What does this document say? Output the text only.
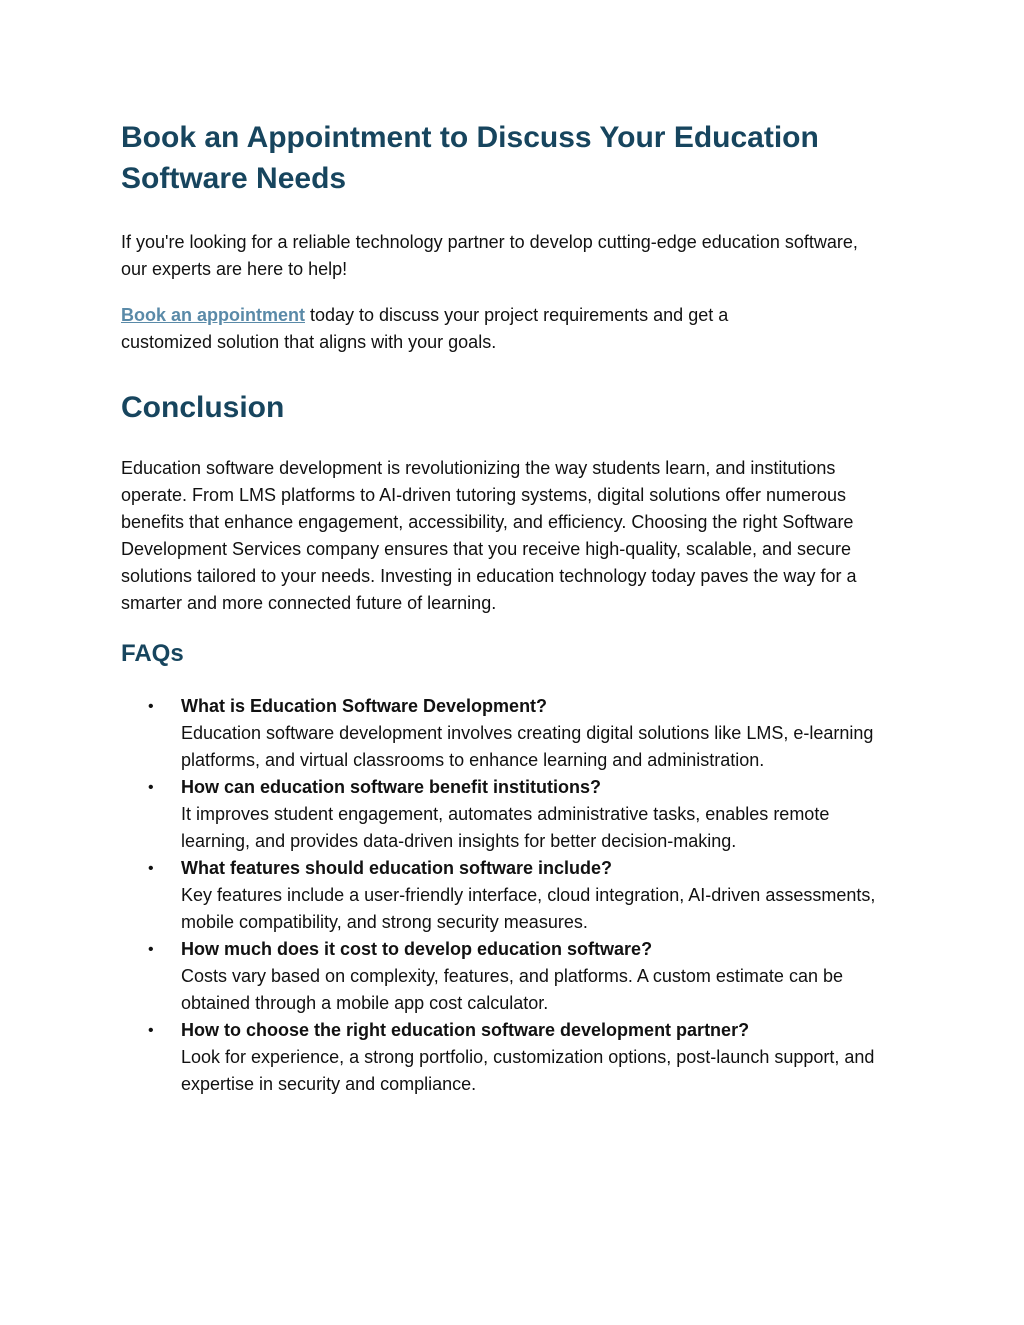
Book an Appointment to Discuss Your Education Software Needs

If you're looking for a reliable technology partner to develop cutting-edge education software, our experts are here to help!

Book an appointment today to discuss your project requirements and get a customized solution that aligns with your goals.

Conclusion

Education software development is revolutionizing the way students learn, and institutions operate. From LMS platforms to AI-driven tutoring systems, digital solutions offer numerous benefits that enhance engagement, accessibility, and efficiency. Choosing the right Software Development Services company ensures that you receive high-quality, scalable, and secure solutions tailored to your needs. Investing in education technology today paves the way for a smarter and more connected future of learning.

FAQs
• What is Education Software Development?
Education software development involves creating digital solutions like LMS, e-learning platforms, and virtual classrooms to enhance learning and administration.
• How can education software benefit institutions?
It improves student engagement, automates administrative tasks, enables remote learning, and provides data-driven insights for better decision-making.
• What features should education software include?
Key features include a user-friendly interface, cloud integration, AI-driven assessments, mobile compatibility, and strong security measures.
• How much does it cost to develop education software?
Costs vary based on complexity, features, and platforms. A custom estimate can be obtained through a mobile app cost calculator.
• How to choose the right education software development partner?
Look for experience, a strong portfolio, customization options, post-launch support, and expertise in security and compliance.
